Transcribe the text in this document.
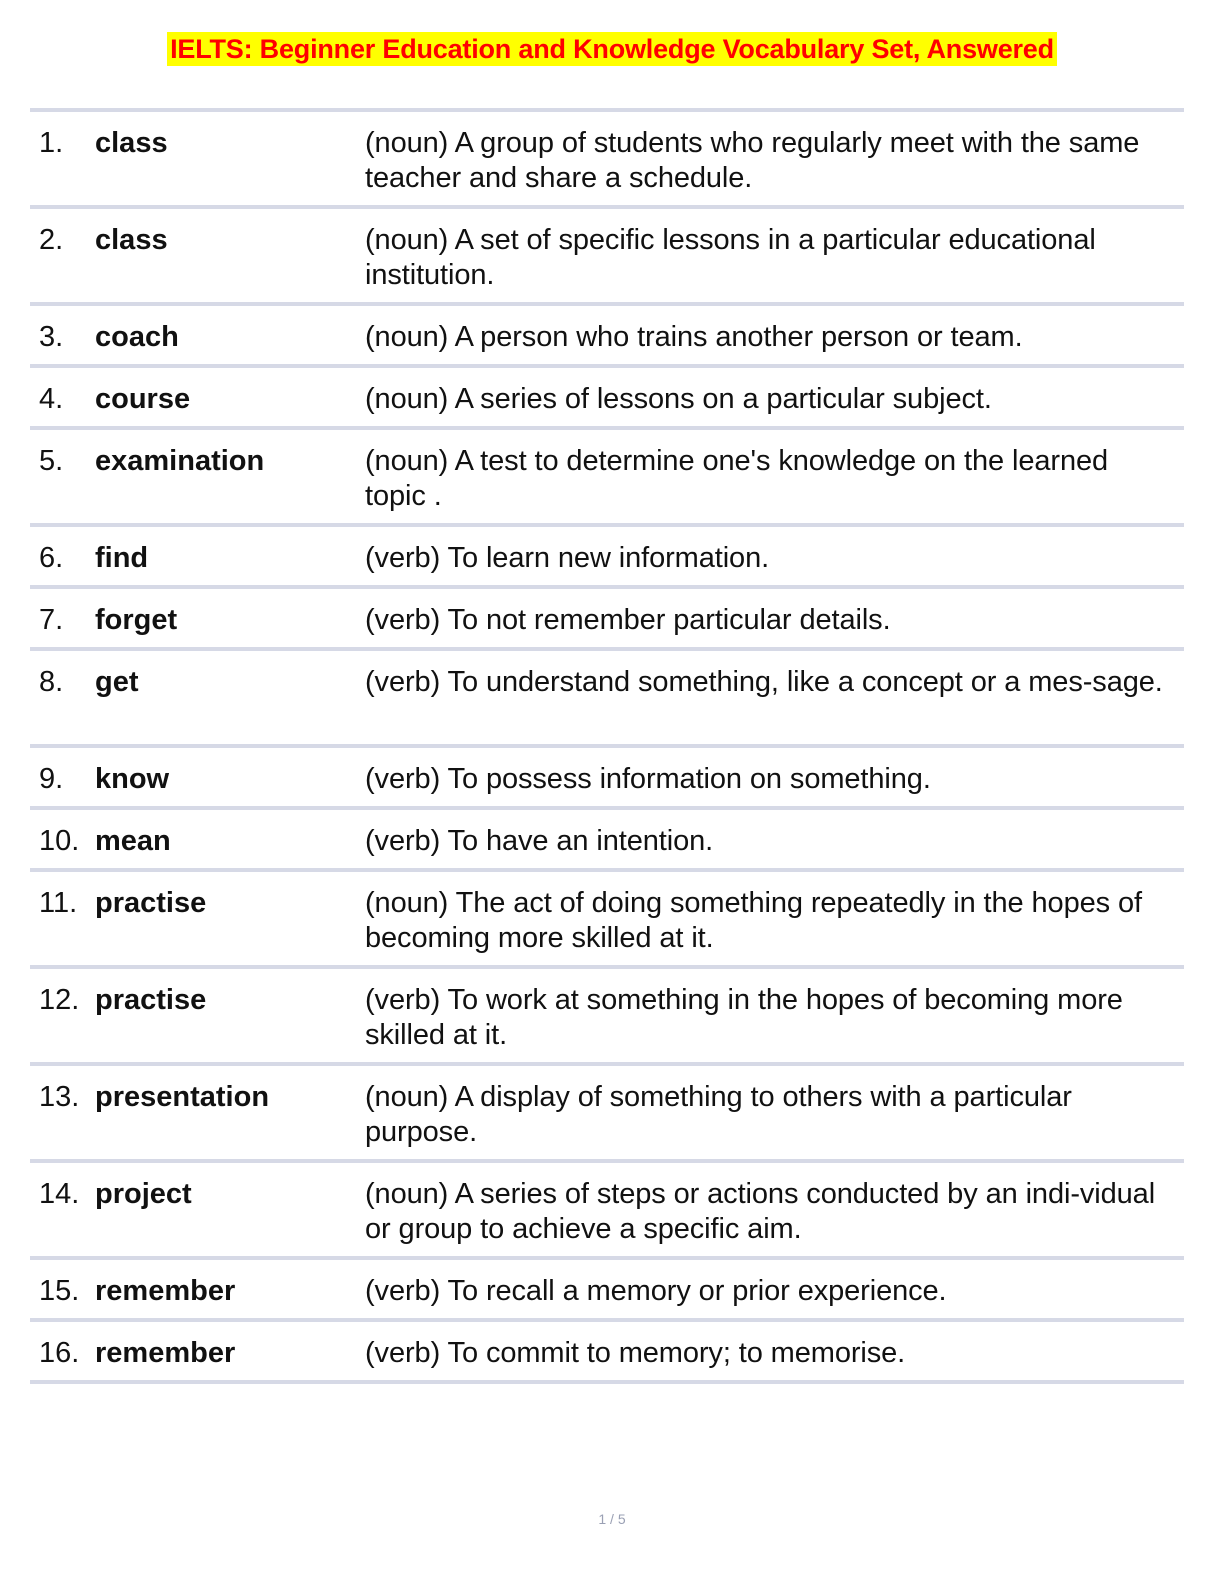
IELTS: Beginner Education and Knowledge Vocabulary Set, Answered
1.	class	(noun) A group of students who regularly meet with the same teacher and share a schedule.
2.	class	(noun) A set of specific lessons in a particular educational institution.
3.	coach	(noun) A person who trains another person or team.
4.	course	(noun) A series of lessons on a particular subject.
5.	examination	(noun) A test to determine one's knowledge on the learned topic .
6.	find	(verb) To learn new information.
7.	forget	(verb) To not remember particular details.
8.	get	(verb) To understand something, like a concept or a mes-sage.
9.	know	(verb) To possess information on something.
10. mean	(verb) To have an intention.
11. practise	(noun) The act of doing something repeatedly in the hopes of becoming more skilled at it.
12. practise	(verb) To work at something in the hopes of becoming more skilled at it.
13. presentation	(noun) A display of something to others with a particular purpose.
14. project	(noun) A series of steps or actions conducted by an indi-vidual or group to achieve a specific aim.
15. remember	(verb) To recall a memory or prior experience.
16. remember	(verb) To commit to memory; to memorise.
1 / 5
